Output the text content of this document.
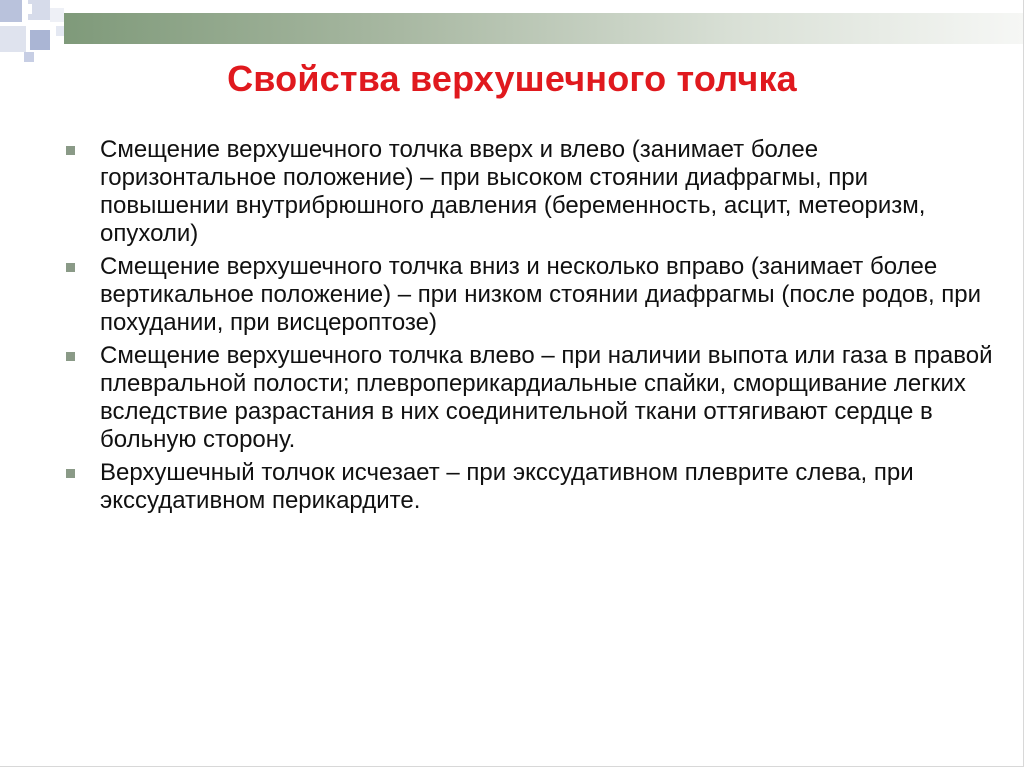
Свойства верхушечного толчка
Смещение верхушечного толчка вверх и влево (занимает более горизонтальное положение) – при высоком стоянии диафрагмы, при повышении внутрибрюшного давления (беременность, асцит, метеоризм, опухоли)
Смещение верхушечного толчка вниз и несколько вправо (занимает более вертикальное положение) – при низком стоянии диафрагмы (после родов, при похудании, при висцероптозе)
Смещение верхушечного толчка влево – при наличии выпота или газа в правой плевральной полости; плевроперикардиальные спайки, сморщивание легких вследствие разрастания в них соединительной ткани оттягивают сердце в больную сторону.
Верхушечный толчок исчезает – при экссудативном плеврите слева, при экссудативном перикардите.
